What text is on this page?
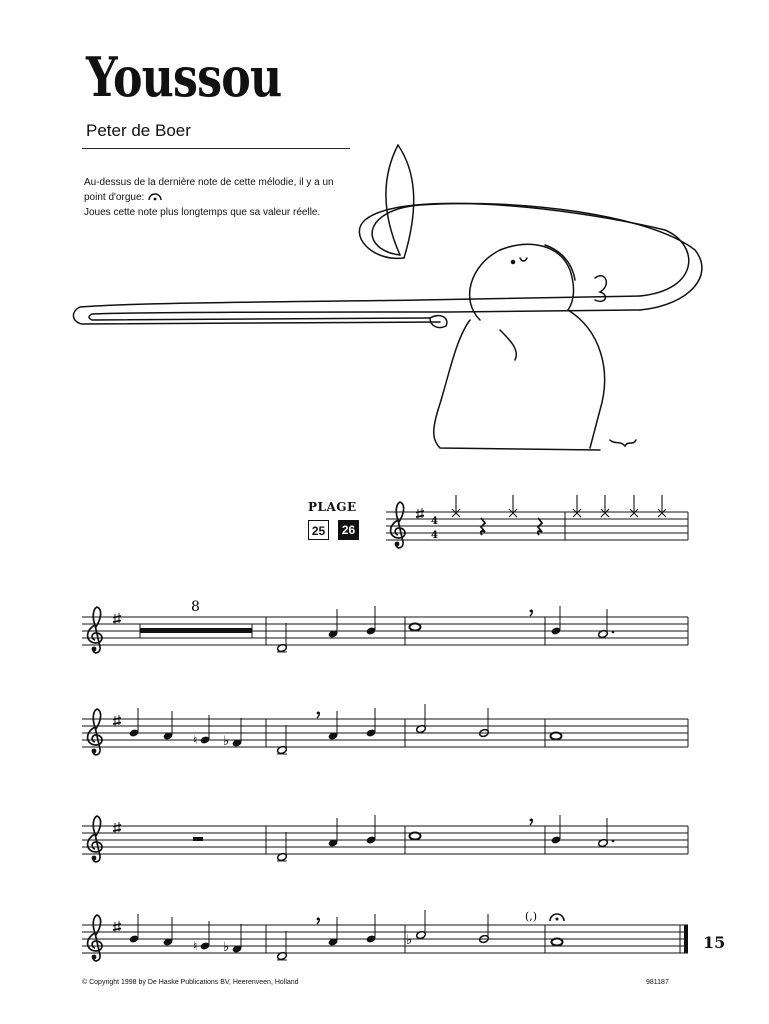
Youssou
Peter de Boer
Au-dessus de la dernière note de cette mélodie, il y a un
point d'orgue:
Joues cette note plus longtemps que sa valeur réelle.
PLAGE
25	26
4
4
8
♮ ♭
♮ ♭	♭
(,)
15
© Copyright 1998 by De Haske Publications BV, Heerenveen, Holland	981187
